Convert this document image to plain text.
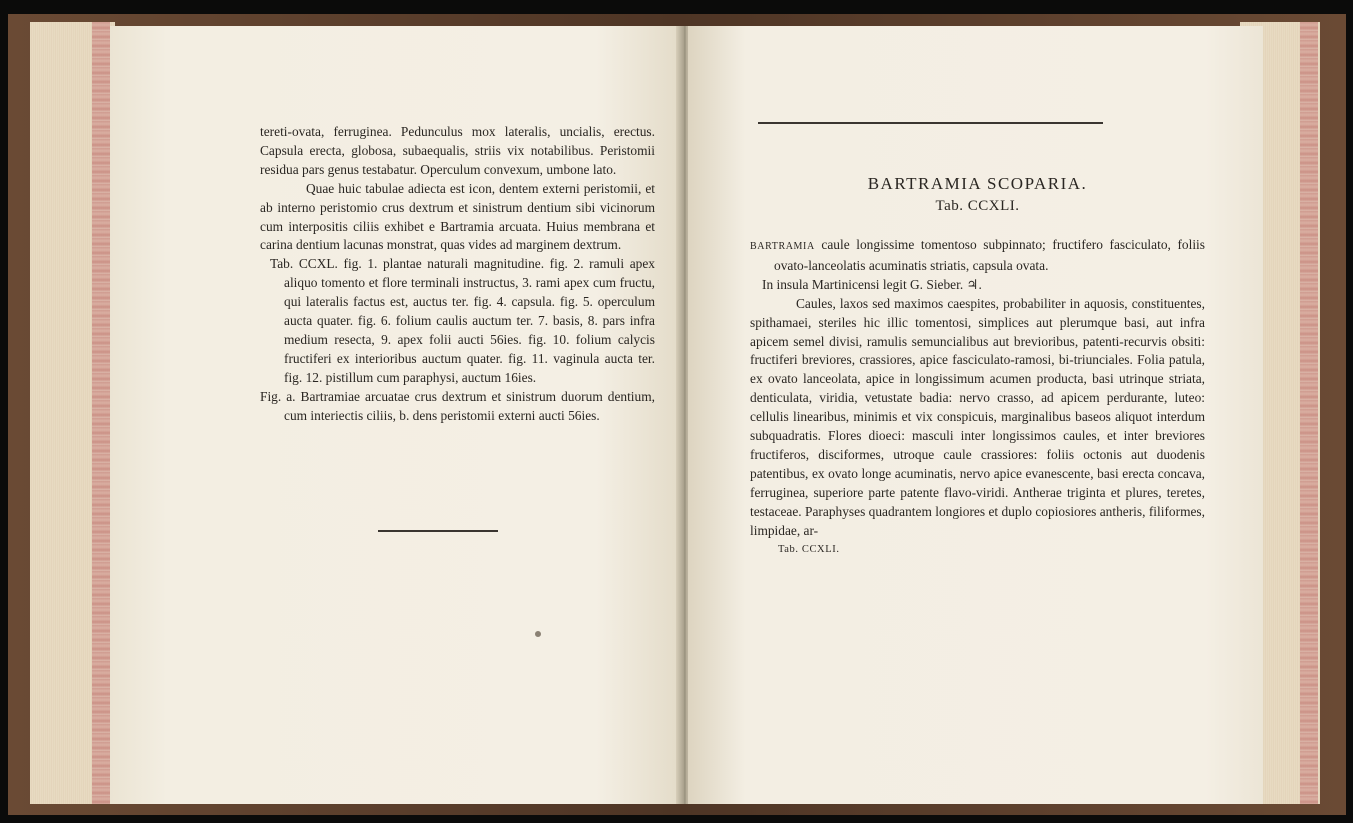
tereti-ovata, ferruginea. Pedunculus mox lateralis, uncialis, erectus. Capsula erecta, globosa, subaequalis, striis vix notabilibus. Peristomii residua pars genus testabatur. Operculum convexum, umbone lato.

Quae huic tabulae adiecta est icon, dentem externi peristomii, et ab interno peristomio crus dextrum et sinistrum dentium sibi vicinorum cum interpositis ciliis exhibet e Bartramia arcuata. Huius membrana et carina dentium lacunas monstrat, quas vides ad marginem dextrum.

Tab. CCXL. fig. 1. plantae naturali magnitudine. fig. 2. ramuli apex aliquo tomento et flore terminali instructus, 3. rami apex cum fructu, qui lateralis factus est, auctus ter. fig. 4. capsula. fig. 5. operculum aucta quater. fig. 6. folium caulis auctum ter. 7. basis, 8. pars infra medium resecta, 9. apex folii aucti 56ies. fig. 10. folium calycis fructiferi ex interioribus auctum quater. fig. 11. vaginula aucta ter. fig. 12. pistillum cum paraphysi, auctum 16ies.

Fig. a. Bartramiae arcuatae crus dextrum et sinistrum duorum dentium, cum interiectis ciliis, b. dens peristomii externi aucti 56ies.

BARTRAMIA SCOPARIA.

Tab. CCXLI.

BARTRAMIA caule longissime tomentoso subpinnato; fructifero fasciculato, foliis ovato-lanceolatis acuminatis striatis, capsula ovata.

In insula Martinicensi legit G. Sieber. ♃.

Caules, laxos sed maximos caespites, probabiliter in aquosis, constituentes, spithamaei, steriles hic illic tomentosi, simplices aut plerumque basi, aut infra apicem semel divisi, ramulis semuncialibus aut brevioribus, patenti-recurvis obsiti: fructiferi breviores, crassiores, apice fasciculato-ramosi, bi-triunciales. Folia patula, ex ovato lanceolata, apice in longissimum acumen producta, basi utrinque striata, denticulata, viridia, vetustate badia: nervo crasso, ad apicem perdurante, luteo: cellulis linearibus, minimis et vix conspicuis, marginalibus baseos aliquot interdum subquadratis. Flores dioeci: masculi inter longissimos caules, et inter breviores fructiferos, disciformes, utroque caule crassiores: foliis octonis aut duodenis patentibus, ex ovato longe acuminatis, nervo apice evanescente, basi erecta concava, ferruginea, superiore parte patente flavo-viridi. Antherae triginta et plures, teretes, testaceae. Paraphyses quadrantem longiores et duplo copiosiores antheris, filiformes, limpidae, ar-

Tab. CCXLI.
